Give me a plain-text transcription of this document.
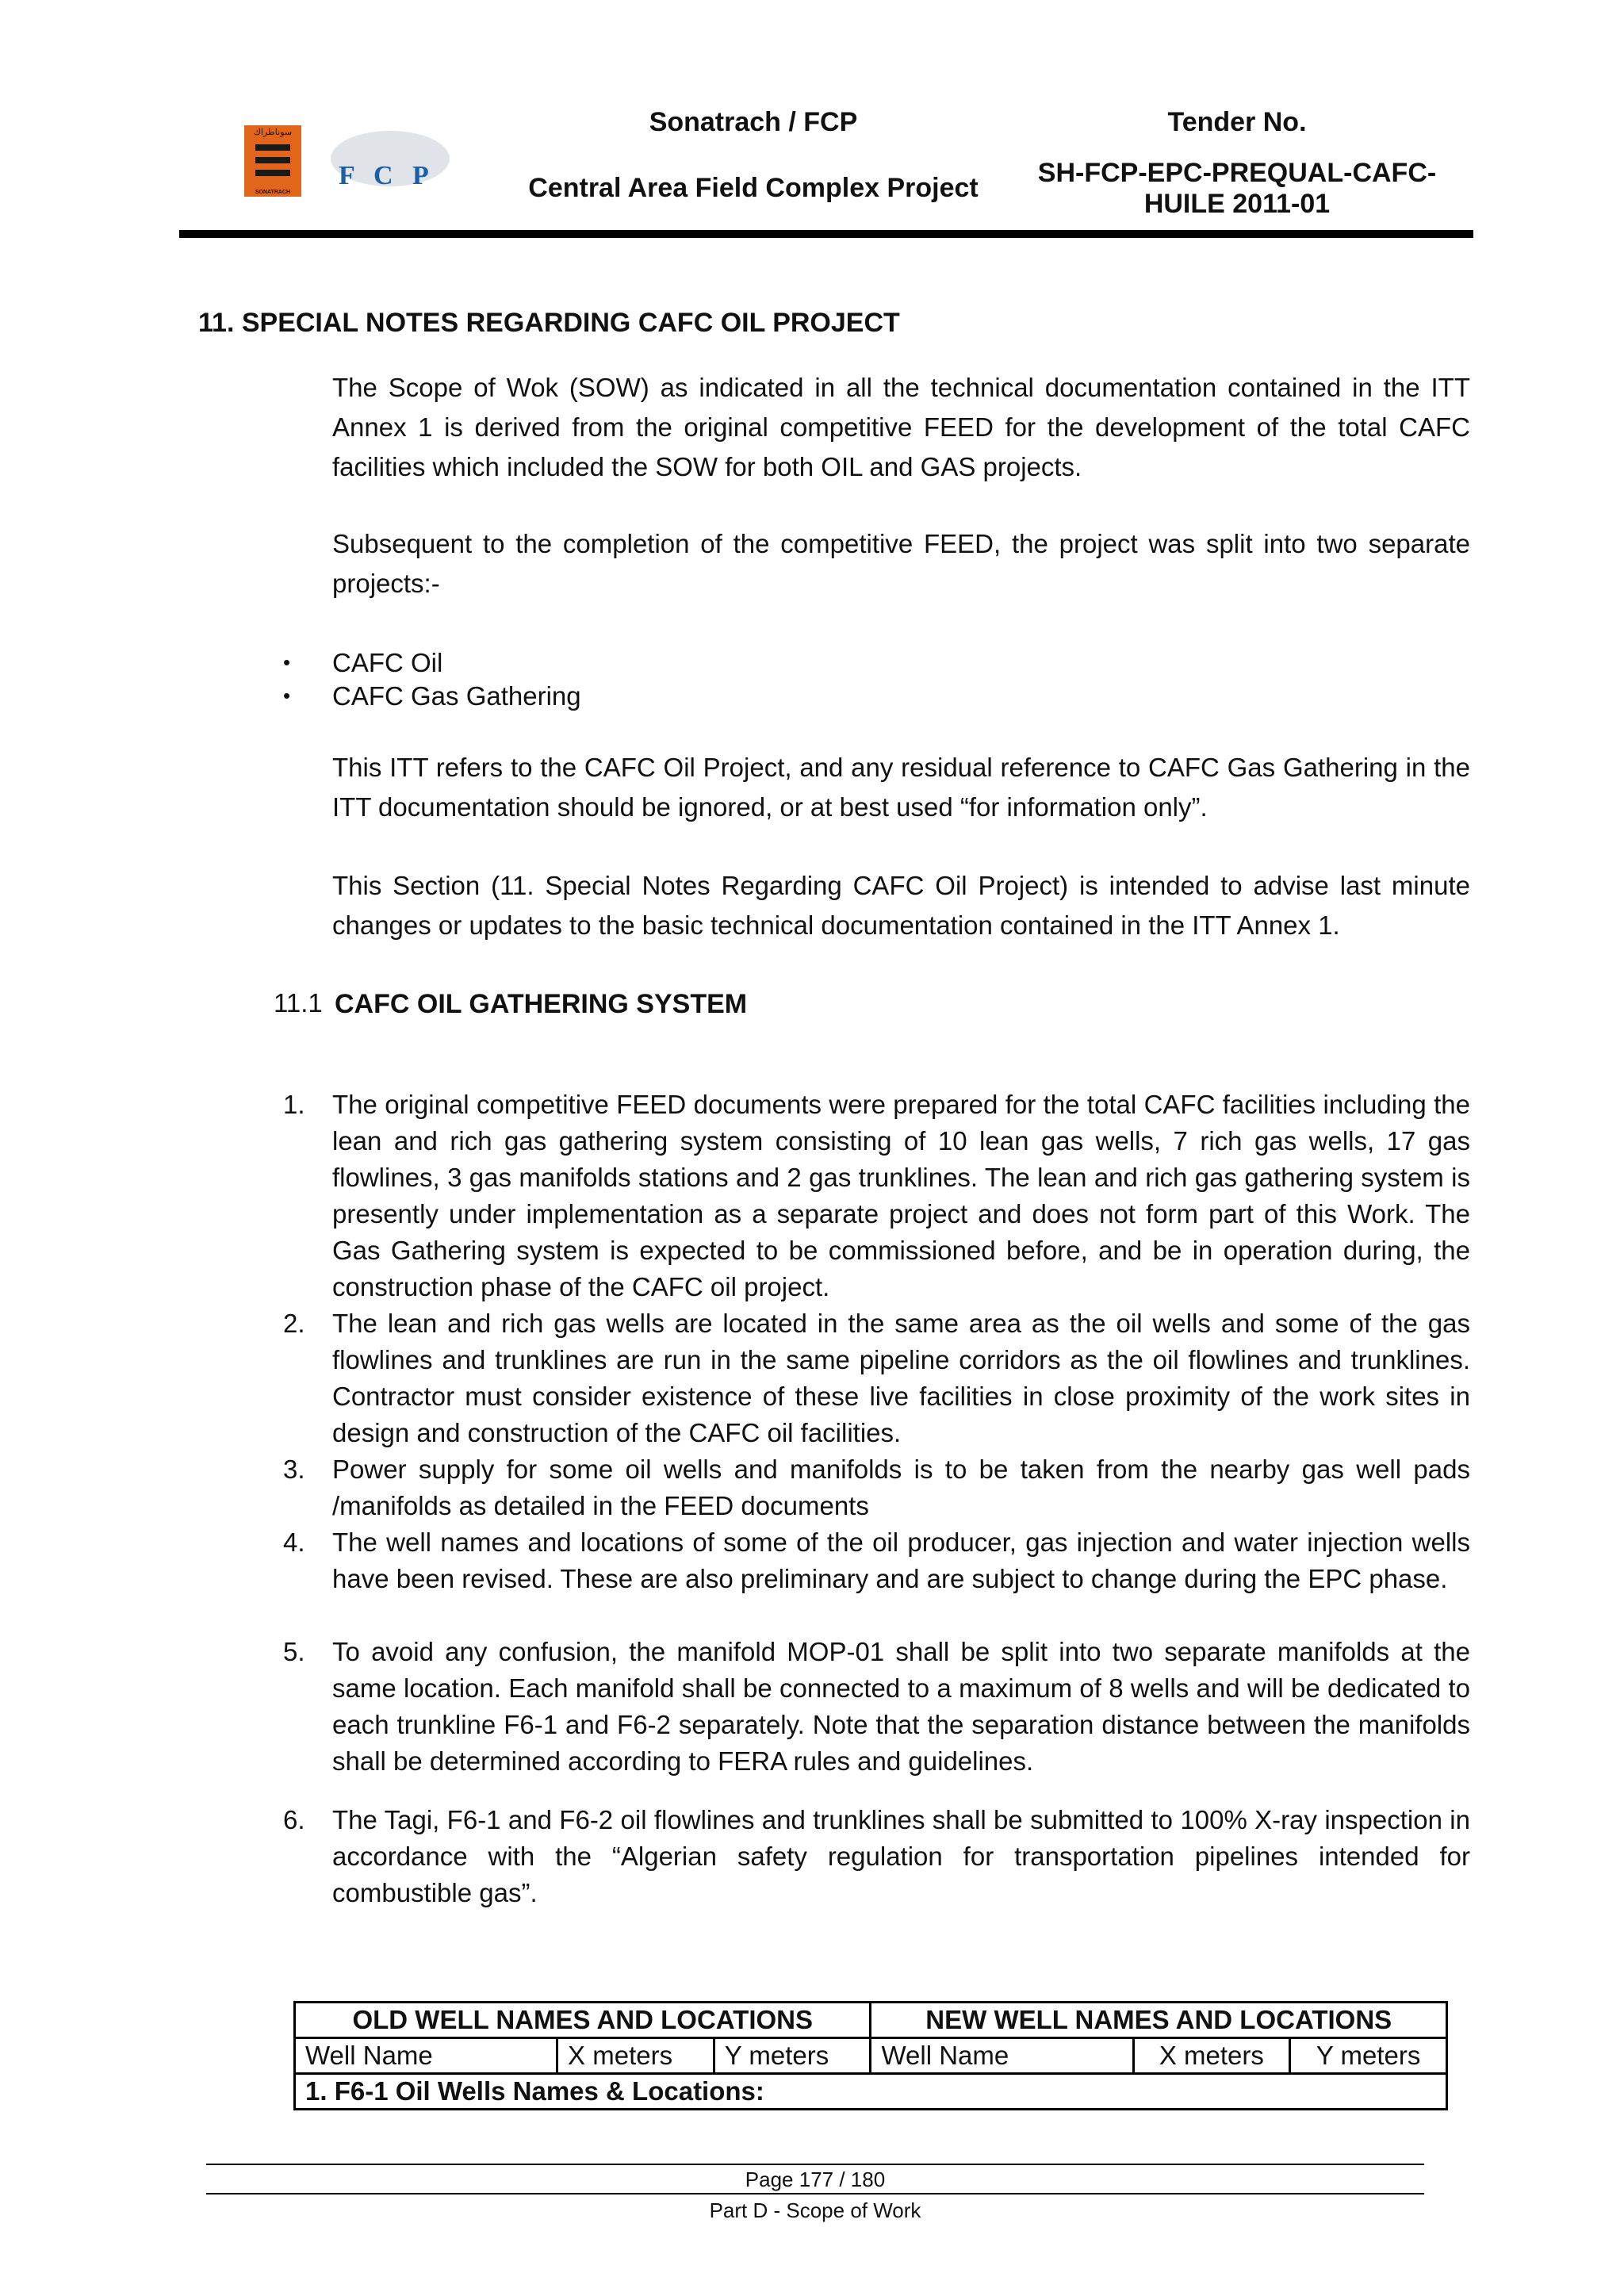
سوناطراك
SONATRACH
F C P
Sonatrach / FCP
Central Area Field Complex Project
Tender No.
SH-FCP-EPC-PREQUAL-CAFC-
HUILE 2011-01
11. SPECIAL NOTES REGARDING CAFC OIL PROJECT
The Scope of Wok (SOW) as indicated in all the technical documentation contained in the ITT Annex 1 is derived from the original competitive FEED for the development of the total CAFC facilities which included the SOW for both OIL and GAS projects.
Subsequent to the completion of the competitive FEED, the project was split into two separate projects:-
• CAFC Oil
• CAFC Gas Gathering
This ITT refers to the CAFC Oil Project, and any residual reference to CAFC Gas Gathering in the ITT documentation should be ignored, or at best used “for information only”.
This Section (11. Special Notes Regarding CAFC Oil Project) is intended to advise last minute changes or updates to the basic technical documentation contained in the ITT Annex 1.
11.1 CAFC OIL GATHERING SYSTEM
1. The original competitive FEED documents were prepared for the total CAFC facilities including the lean and rich gas gathering system consisting of 10 lean gas wells, 7 rich gas wells, 17 gas flowlines, 3 gas manifolds stations and 2 gas trunklines. The lean and rich gas gathering system is presently under implementation as a separate project and does not form part of this Work. The Gas Gathering system is expected to be commissioned before, and be in operation during, the construction phase of the CAFC oil project.
2. The lean and rich gas wells are located in the same area as the oil wells and some of the gas flowlines and trunklines are run in the same pipeline corridors as the oil flowlines and trunklines. Contractor must consider existence of these live facilities in close proximity of the work sites in design and construction of the CAFC oil facilities.
3. Power supply for some oil wells and manifolds is to be taken from the nearby gas well pads /manifolds as detailed in the FEED documents
4. The well names and locations of some of the oil producer, gas injection and water injection wells have been revised. These are also preliminary and are subject to change during the EPC phase.
5. To avoid any confusion, the manifold MOP-01 shall be split into two separate manifolds at the same location. Each manifold shall be connected to a maximum of 8 wells and will be dedicated to each trunkline F6-1 and F6-2 separately. Note that the separation distance between the manifolds shall be determined according to FERA rules and guidelines.
6. The Tagi, F6-1 and F6-2 oil flowlines and trunklines shall be submitted to 100% X-ray inspection in accordance with the “Algerian safety regulation for transportation pipelines intended for combustible gas”.
OLD WELL NAMES AND LOCATIONS			NEW WELL NAMES AND LOCATIONS		
Well Name	X meters	Y meters	Well Name	X meters	Y meters
1. F6-1 Oil Wells Names & Locations:					
Page 177 / 180
Part D - Scope of Work
